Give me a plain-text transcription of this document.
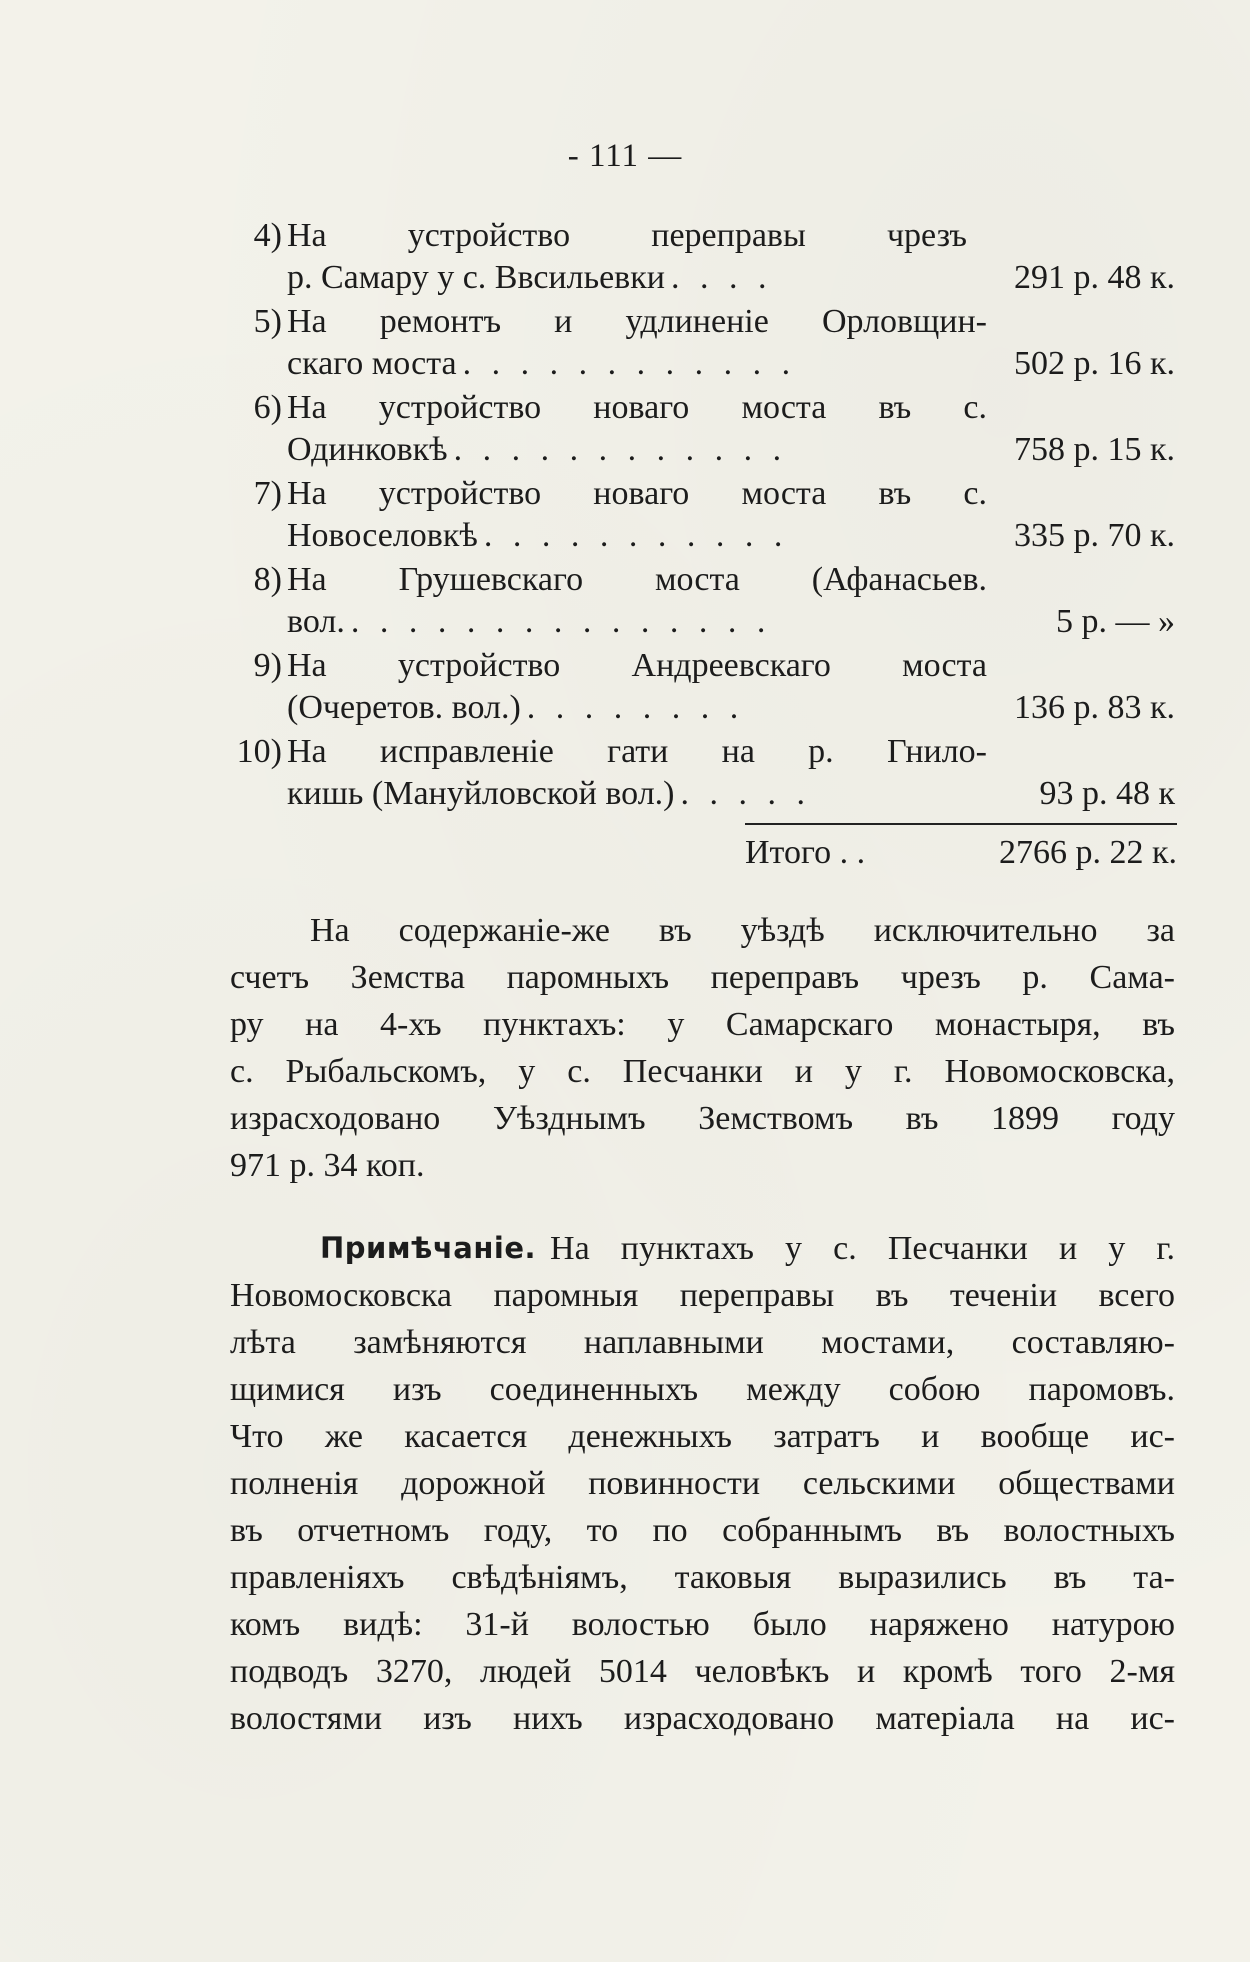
- 111 —
4) На устройство переправы чрезъ
р. Самару у с. Ввсильевки . . . .	291 р. 48 к.
5) На ремонтъ и удлиненіе Орловщин-
скаго моста . . . . . . . . . . . .	502 р. 16 к.
6) На устройство новаго моста въ с.
Одинковкѣ . . . . . . . . . . . .	758 р. 15 к.
7) На устройство новаго моста въ с.
Новоселовкѣ . . . . . . . . . . .	335 р. 70 к.
8) На Грушевскаго моста (Афанасьев.
вол. . . . . . . . . . . . . . . .	5 р. — »
9) На устройство Андреевскаго моста
(Очеретов. вол.) . . . . . . . .	136 р. 83 к.
10) На исправленіе гати на р. Гнило-
кишь (Мануйловской вол.) . . . . .	93 р. 48 к
Итого . .	2766 р. 22 к.
На содержаніе-же въ уѣздѣ исключительно за
счетъ Земства паромныхъ переправъ чрезъ р. Сама-
ру на 4-хъ пунктахъ: у Самарскаго монастыря, въ
с. Рыбальскомъ, у с. Песчанки и у г. Новомосковска,
израсходовано Уѣзднымъ Земствомъ въ 1899 году
971 р. 34 коп.
Примѣчаніе. На пунктахъ у с. Песчанки и у г.
Новомосковска паромныя переправы въ теченіи всего
лѣта замѣняются наплавными мостами, составляю-
щимися изъ соединенныхъ между собою паромовъ.
Что же касается денежныхъ затратъ и вообще ис-
полненія дорожной повинности сельскими обществами
въ отчетномъ году, то по собраннымъ въ волостныхъ
правленіяхъ свѣдѣніямъ, таковыя выразились въ та-
комъ видѣ: 31-й волостью было наряжено натурою
подводъ 3270, людей 5014 человѣкъ и кромѣ того 2-мя
волостями изъ нихъ израсходовано матеріала на ис-
